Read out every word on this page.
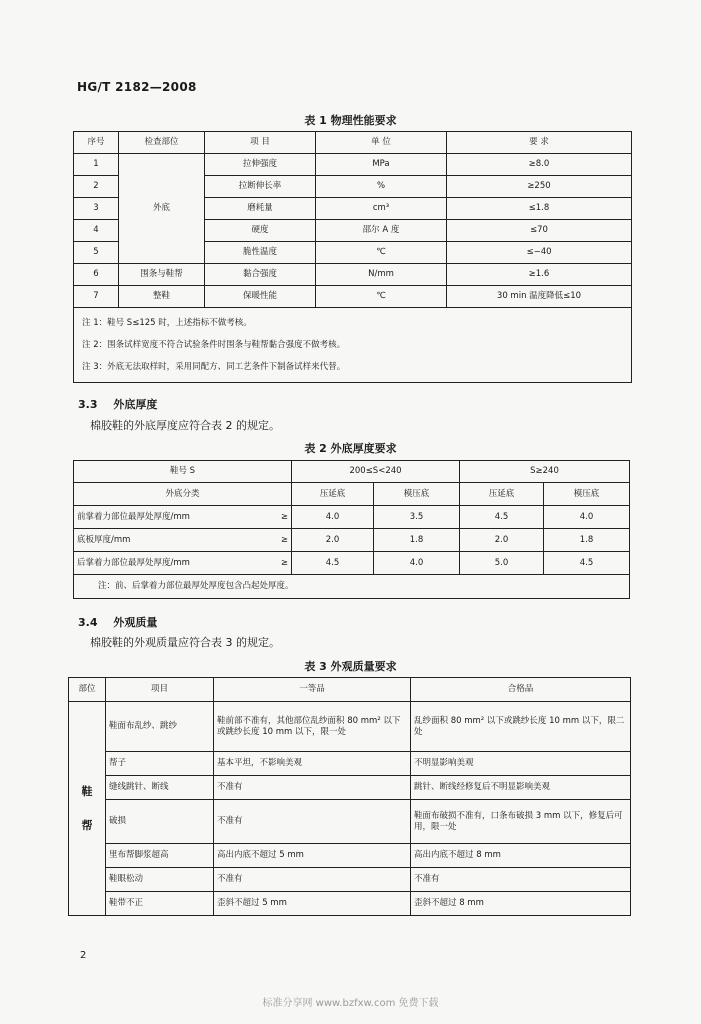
HG/T 2182—2008
表 1 物理性能要求
序号	检查部位	项 目	单 位	要 求
1	外底	拉伸强度	MPa	≥8.0
2		拉断伸长率	%	≥250
3		磨耗量	cm³	≤1.8
4		硬度	邵尔 A 度	≤70
5		脆性温度	℃	≤−40
6	围条与鞋帮	黏合强度	N/mm	≥1.6
7	整鞋	保暖性能	℃	30 min 温度降低≤10

注 1：鞋号 S≤125 时，上述指标不做考核。
注 2：围条试样宽度不符合试验条件时围条与鞋帮黏合强度不做考核。
注 3：外底无法取样时，采用同配方、同工艺条件下制备试样来代替。				
3.3 外底厚度
棉胶鞋的外底厚度应符合表 2 的规定。
表 2 外底厚度要求
鞋号 S	200≤S<240		S≥240	
外底分类	压延底	模压底	压延底	模压底

≥
前掌着力部位最厚处厚度/mm	4.0	3.5	4.5	4.0

≥
底板厚度/mm	2.0	1.8	2.0	1.8

≥
后掌着力部位最厚处厚度/mm	4.5	4.0	5.0	4.5
注：前、后掌着力部位最厚处厚度包含凸起处厚度。				
3.4 外观质量
棉胶鞋的外观质量应符合表 3 的规定。
表 3 外观质量要求
部位	项目	一等品	合格品

鞋帮	鞋面布乱纱、跳纱	鞋前部不准有，其他部位乱纱面积 80 mm² 以下或跳纱长度 10 mm 以下，限一处	乱纱面积 80 mm² 以下或跳纱长度 10 mm 以下，限二处
	帮子	基本平坦，不影响美观	不明显影响美观
	缝线跳针、断线	不准有	跳针、断线经修复后不明显影响美观
	破损	不准有	鞋面布破损不准有，口条布破损 3 mm 以下，修复后可用，限一处
	里布帮脚浆超高	高出内底不超过 5 mm	高出内底不超过 8 mm
	鞋眼松动	不准有	不准有
	鞋带不正	歪斜不超过 5 mm	歪斜不超过 8 mm
2
标准分享网 www.bzfxw.com 免费下载
